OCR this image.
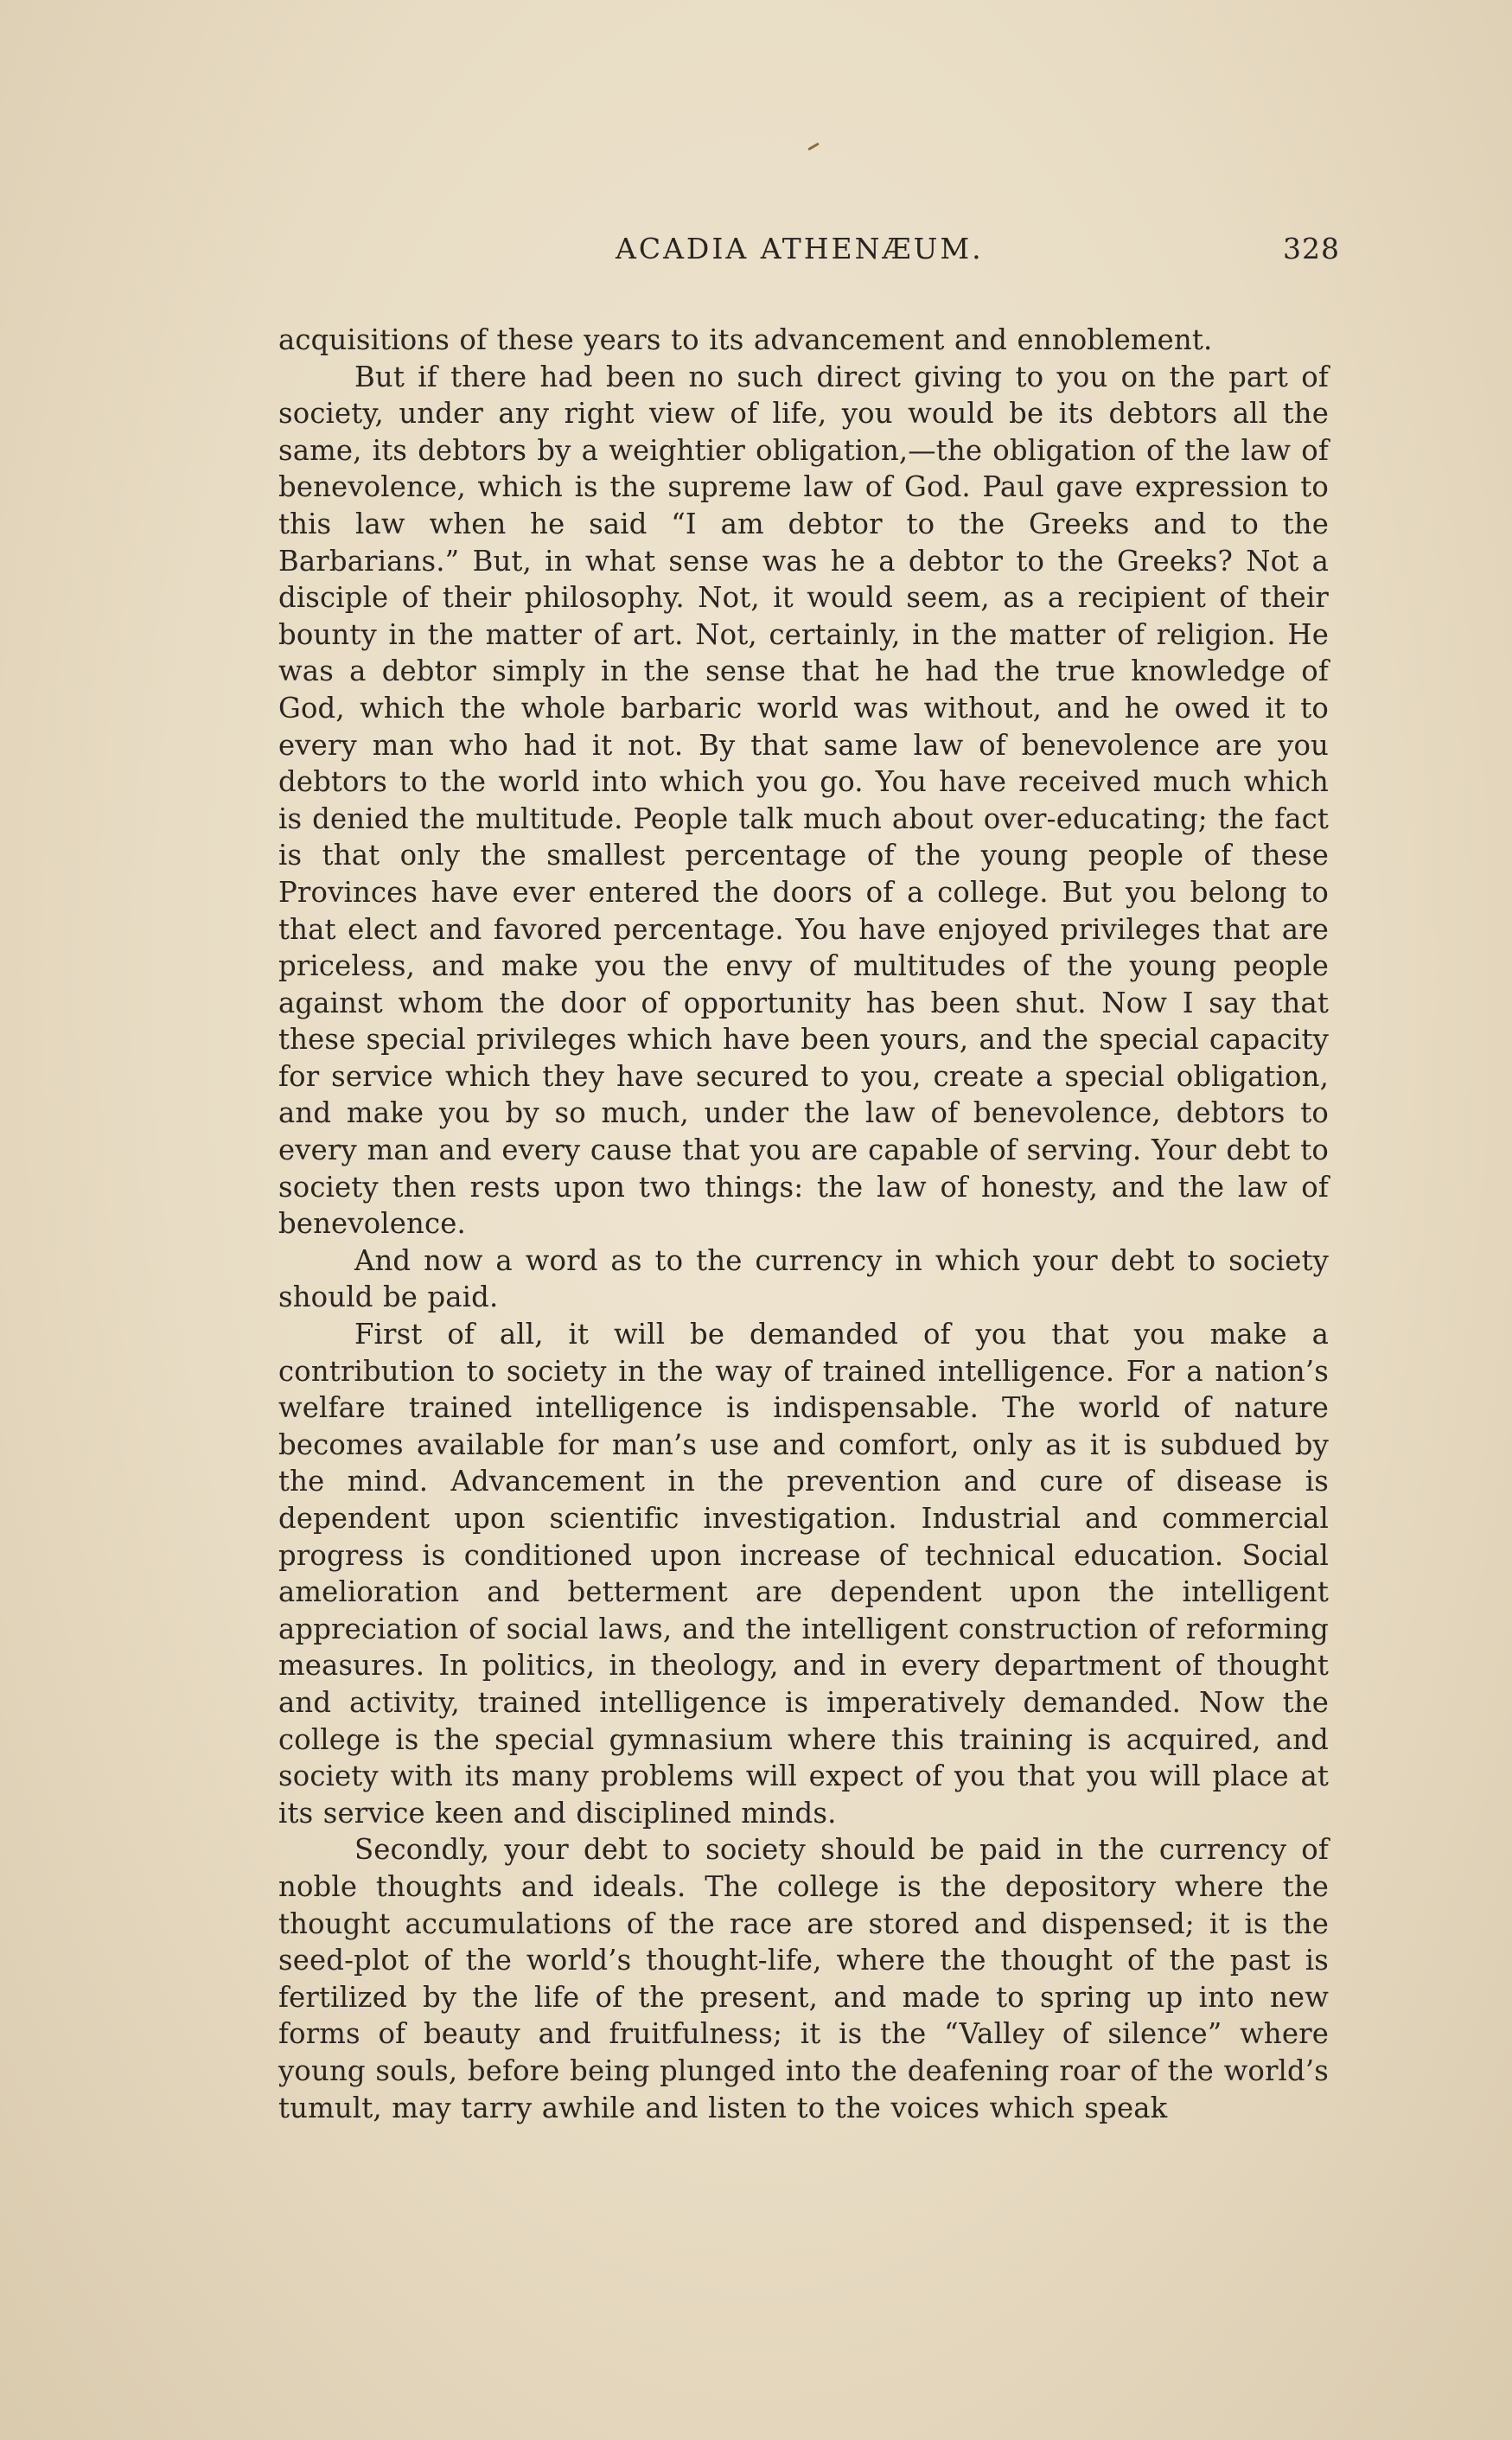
ACADIA ATHENÆUM.	328

acquisitions of these years to its advancement and ennoblement.

But if there had been no such direct giving to you on the part of society, under any right view of life, you would be its debtors all the same, its debtors by a weightier obligation,—the obligation of the law of benevolence, which is the supreme law of God. Paul gave expression to this law when he said “I am debtor to the Greeks and to the Barbarians.” But, in what sense was he a debtor to the Greeks? Not a disciple of their philosophy. Not, it would seem, as a recipient of their bounty in the matter of art. Not, certainly, in the matter of religion. He was a debtor simply in the sense that he had the true knowledge of God, which the whole barbaric world was without, and he owed it to every man who had it not. By that same law of benevolence are you debtors to the world into which you go. You have received much which is denied the multitude. People talk much about over-educating; the fact is that only the smallest percentage of the young people of these Provinces have ever entered the doors of a college. But you belong to that elect and favored percentage. You have enjoyed privileges that are priceless, and make you the envy of multitudes of the young people against whom the door of opportunity has been shut. Now I say that these special privileges which have been yours, and the special capacity for service which they have secured to you, create a special obligation, and make you by so much, under the law of benevolence, debtors to every man and every cause that you are capable of serving. Your debt to society then rests upon two things: the law of honesty, and the law of benevolence.

And now a word as to the currency in which your debt to society should be paid.

First of all, it will be demanded of you that you make a contribution to society in the way of trained intelligence. For a nation’s welfare trained intelligence is indispensable. The world of nature becomes available for man’s use and comfort, only as it is subdued by the mind. Advancement in the prevention and cure of disease is dependent upon scientific investigation. Industrial and commercial progress is conditioned upon increase of technical education. Social amelioration and betterment are dependent upon the intelligent appreciation of social laws, and the intelligent construction of reforming measures. In politics, in theology, and in every department of thought and activity, trained intelligence is imperatively demanded. Now the college is the special gymnasium where this training is acquired, and society with its many problems will expect of you that you will place at its service keen and disciplined minds.

Secondly, your debt to society should be paid in the currency of noble thoughts and ideals. The college is the depository where the thought accumulations of the race are stored and dispensed; it is the seed-plot of the world’s thought-life, where the thought of the past is fertilized by the life of the present, and made to spring up into new forms of beauty and fruitfulness; it is the “Valley of silence” where young souls, before being plunged into the deafening roar of the world’s tumult, may tarry awhile and listen to the voices which speak
